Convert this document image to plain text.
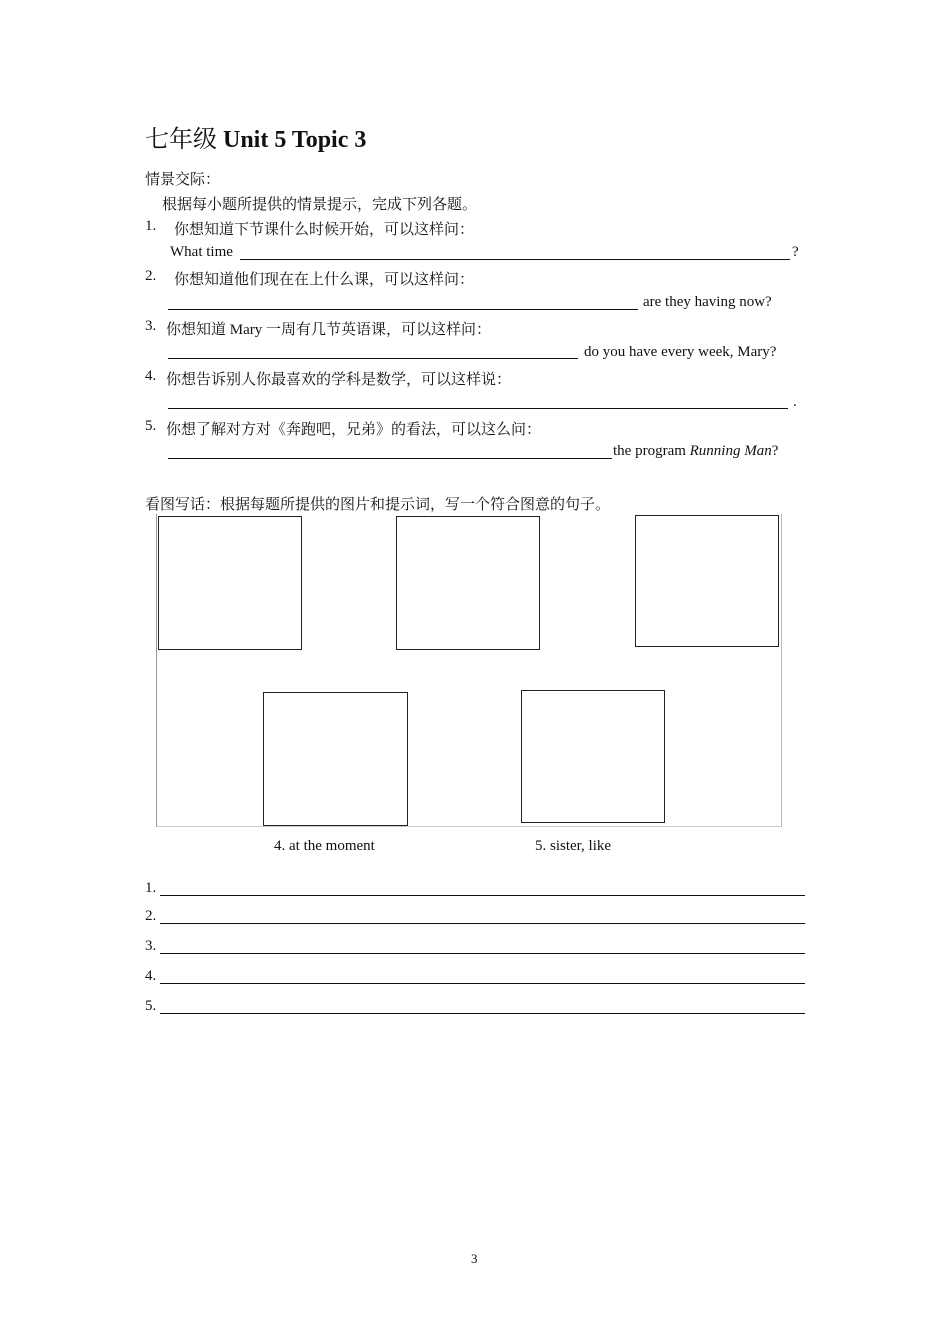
七年级 Unit 5 Topic 3
情景交际：
根据每小题所提供的情景提示，完成下列各题。
1. 你想知道下节课什么时候开始，可以这样问：
What time	?
2. 你想知道他们现在在上什么课，可以这样问：
are they having now?
3. 你想知道 Mary 一周有几节英语课，可以这样问：
do you have every week, Mary?
4. 你想告诉别人你最喜欢的学科是数学，可以这样说：
.
5. 你想了解对方对《奔跑吧，兄弟》的看法，可以这么问：
the program Running Man?
看图写话：根据每题所提供的图片和提示词，写一个符合图意的句子。
4. at the moment	5. sister, like
1.
2.
3.
4.
5.
3
